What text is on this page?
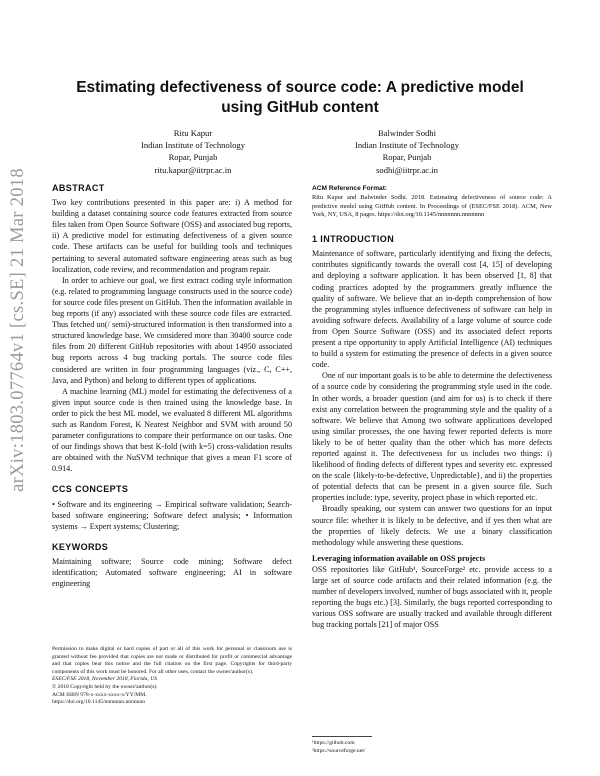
arXiv:1803.07764v1 [cs.SE] 21 Mar 2018
Estimating defectiveness of source code: A predictive model using GitHub content
Ritu Kapur
Indian Institute of Technology
Ropar, Punjab
ritu.kapur@iitrpr.ac.in
Balwinder Sodhi
Indian Institute of Technology
Ropar, Punjab
sodhi@iitrpr.ac.in

ABSTRACT

Two key contributions presented in this paper are: i) A method for building a dataset containing source code features extracted from source files taken from Open Source Software (OSS) and associated bug reports, ii) A predictive model for estimating defectiveness of a given source code. These artifacts can be useful for building tools and techniques pertaining to several automated software engineering areas such as bug localization, code review, and recommendation and program repair.

In order to achieve our goal, we first extract coding style information (e.g. related to programming language constructs used in the source code) for source code files present on GitHub. Then the information available in bug reports (if any) associated with these source code files are extracted. Thus fetched un(/ semi)-structured information is then transformed into a structured knowledge base. We considered more than 30400 source code files from 20 different GitHub repositories with about 14950 associated bug reports across 4 bug tracking portals. The source code files considered are written in four programming languages (viz., C, C++, Java, and Python) and belong to different types of applications.

A machine learning (ML) model for estimating the defectiveness of a given input source code is then trained using the knowledge base. In order to pick the best ML model, we evaluated 8 different ML algorithms such as Random Forest, K Nearest Neighbor and SVM with around 50 parameter configurations to compare their performance on our tasks. One of our findings shows that best K-fold (with k=5) cross-validation results are obtained with the NuSVM technique that gives a mean F1 score of 0.914.

CCS CONCEPTS

• Software and its engineering → Empirical software validation; Search-based software engineering; Software defect analysis; • Information systems → Expert systems; Clustering;

KEYWORDS

Maintaining software; Source code mining; Software defect identification; Automated software engineering; AI in software engineering

Permission to make digital or hard copies of part or all of this work for personal or classroom use is granted without fee provided that copies are not made or distributed for profit or commercial advantage and that copies bear this notice and the full citation on the first page. Copyrights for third-party components of this work must be honored. For all other uses, contact the owner/author(s).

ESEC/FSE 2018, November 2018, Florida, US

© 2018 Copyright held by the owner/author(s).

ACM ISBN 978-x-xxxx-xxxx-x/YY/MM.

https://doi.org/10.1145/nnnnnnn.nnnnnnn

ACM Reference Format:

Ritu Kapur and Balwinder Sodhi. 2018. Estimating defectiveness of source code: A predictive model using GitHub content. In Proceedings of (ESEC/FSE 2018). ACM, New York, NY, USA, 8 pages. https://doi.org/10.1145/nnnnnnn.nnnnnnn

1 INTRODUCTION

Maintenance of software, particularly identifying and fixing the defects, contributes significantly towards the overall cost [4, 15] of developing and deploying a software application. It has been observed [1, 8] that coding practices adopted by the programmers greatly influence the quality of software. We believe that an in-depth comprehension of how the programming styles influence defectiveness of software can help in avoiding software defects. Availability of a large volume of source code from Open Source Software (OSS) and its associated defect reports present a ripe opportunity to apply Artificial Intelligence (AI) techniques to build a system for estimating the presence of defects in a given source code.

One of our important goals is to be able to determine the defectiveness of a source code by considering the programming style used in the code. In other words, a broader question (and aim for us) is to check if there exist any correlation between the programming style and the quality of a software. We believe that Among two software applications developed using similar processes, the one having fewer reported defects is more likely to be of better quality than the other which has more defects reported against it. The defectiveness for us includes two things: i) likelihood of finding defects of different types and severity etc. expressed on the scale {likely-to-be-defective, Unpredictable}, and ii) the properties of potential defects that can be present in a given source file. Such properties include: type, severity, project phase in which reported etc.

Broadly speaking, our system can answer two questions for an input source file: whether it is likely to be defective, and if yes then what are the properties of likely defects. We use a binary classification methodology while answering these questions.

Leveraging information available on OSS projects

OSS repositories like GitHub¹, SourceForge² etc. provide access to a large set of source code artifacts and their related information (e.g. the number of developers involved, number of bugs associated with it, people reporting the bugs etc.) [3]. Similarly, the bugs reported corresponding to various OSS software are usually tracked and available through different bug tracking portals [21] of major OSS

¹https://github.com

²https://sourceforge.net/
